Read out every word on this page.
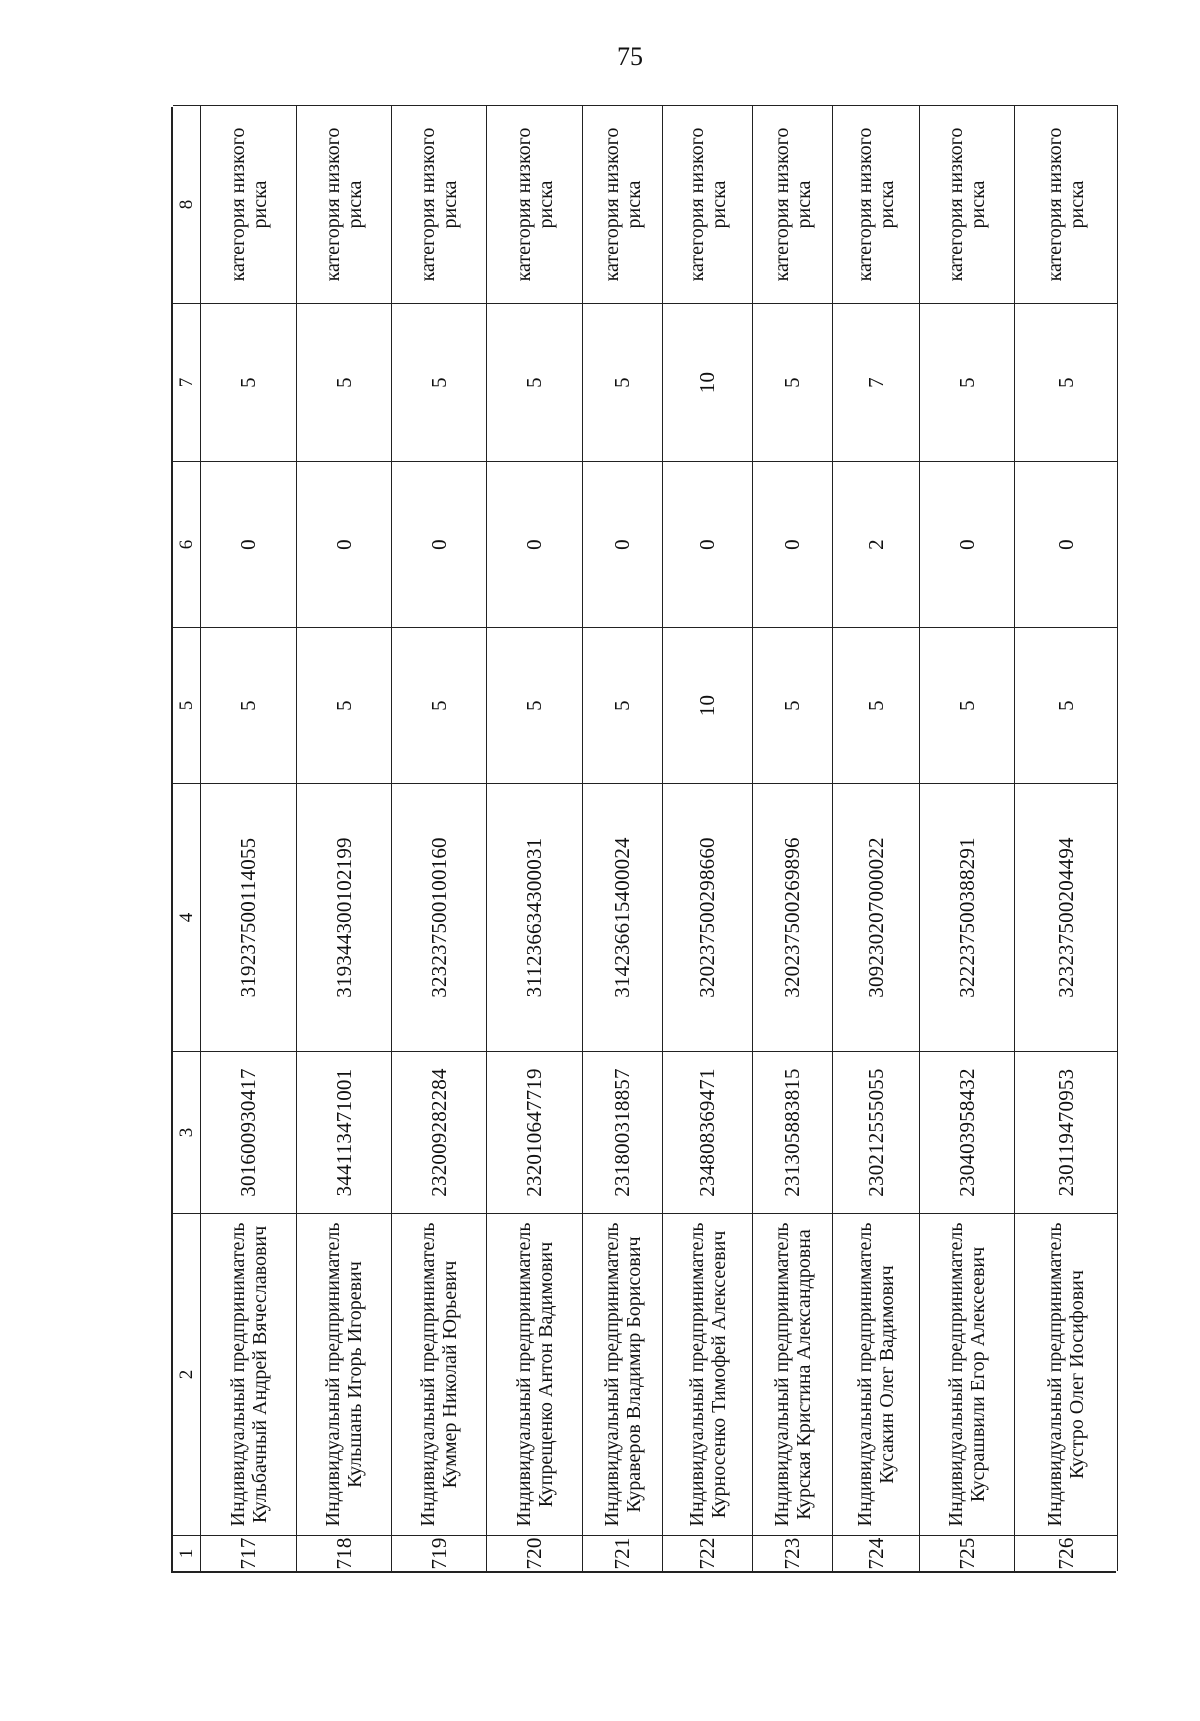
75
1
2
3
4
5
6
7
8
717
Индивидуальный предприниматель Кульбачный Андрей Вячеславович
301600930417
319237500114055
5
0
5
категория низкого риска
718
Индивидуальный предприниматель Кульшань Игорь Игоревич
344113471001
319344300102199
5
0
5
категория низкого риска
719
Индивидуальный предприниматель Куммер Николай Юрьевич
232009282284
323237500100160
5
0
5
категория низкого риска
720
Индивидуальный предприниматель Купрещенко Антон Вадимович
232010647719
311236634300031
5
0
5
категория низкого риска
721
Индивидуальный предприниматель Кураверов Владимир Борисович
231800318857
314236615400024
5
0
5
категория низкого риска
722
Индивидуальный предприниматель Курносенко Тимофей Алексеевич
234808369471
320237500298660
10
0
10
категория низкого риска
723
Индивидуальный предприниматель Курская Кристина Александровна
231305883815
320237500269896
5
0
5
категория низкого риска
724
Индивидуальный предприниматель Кусакин Олег Вадимович
230212555055
309230207000022
5
2
7
категория низкого риска
725
Индивидуальный предприниматель Кусрашвили Егор Алексеевич
230403958432
322237500388291
5
0
5
категория низкого риска
726
Индивидуальный предприниматель Кустро Олег Иосифович
230119470953
323237500204494
5
0
5
категория низкого риска
